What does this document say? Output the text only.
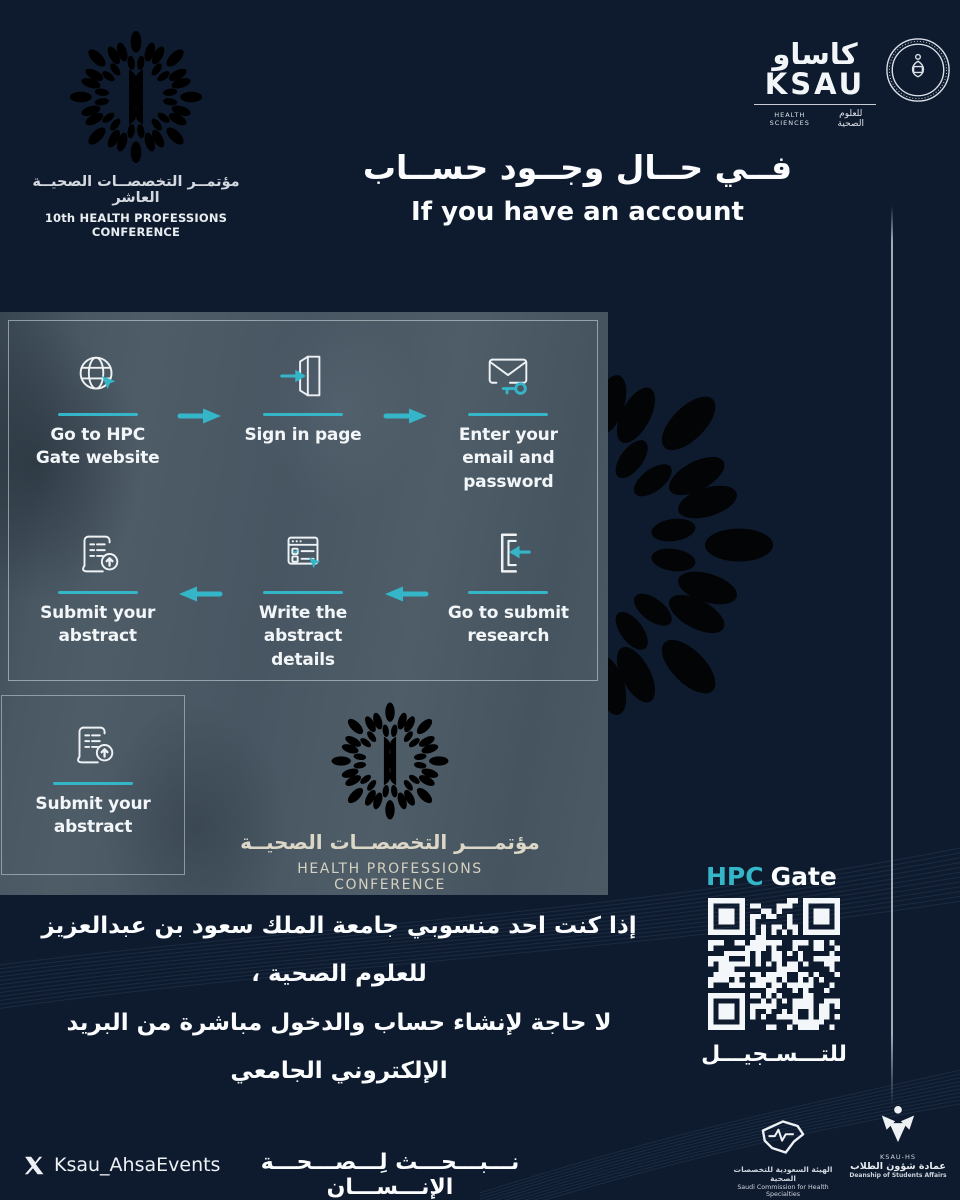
مؤتمــر التخصصــات الصحيــة العاشر
10th HEALTH PROFESSIONS CONFERENCE
كاساو
KSAU
HEALTH SCIENCES
للعلوم الصحية
فــي حــال وجــود حســاب
If you have an account
Go to HPC Gate website
Sign in page	Enter your email and password
Submit your abstract
Write the abstract details
Go to submit research
Submit your abstract
مؤتمــــر التخصصــات الصحيــة
HEALTH PROFESSIONS CONFERENCE
إذا كنت احد منسوبي جامعة الملك سعود بن عبدالعزيز للعلوم الصحية ،
لا حاجة لإنشاء حساب والدخول مباشرة من البريد الإلكتروني الجامعي
HPC Gate
للتـــسـجيـــل
Ksau_AhsaEvents	نـــبـــحـــث لِـــصـــحـــة الإنـــســـان
الهيئة السعودية للتخصصات الصحية
Saudi Commission for Health Specialties
KSAU-HS
عمادة شؤون الطلاب
Deanship of Students Affairs
